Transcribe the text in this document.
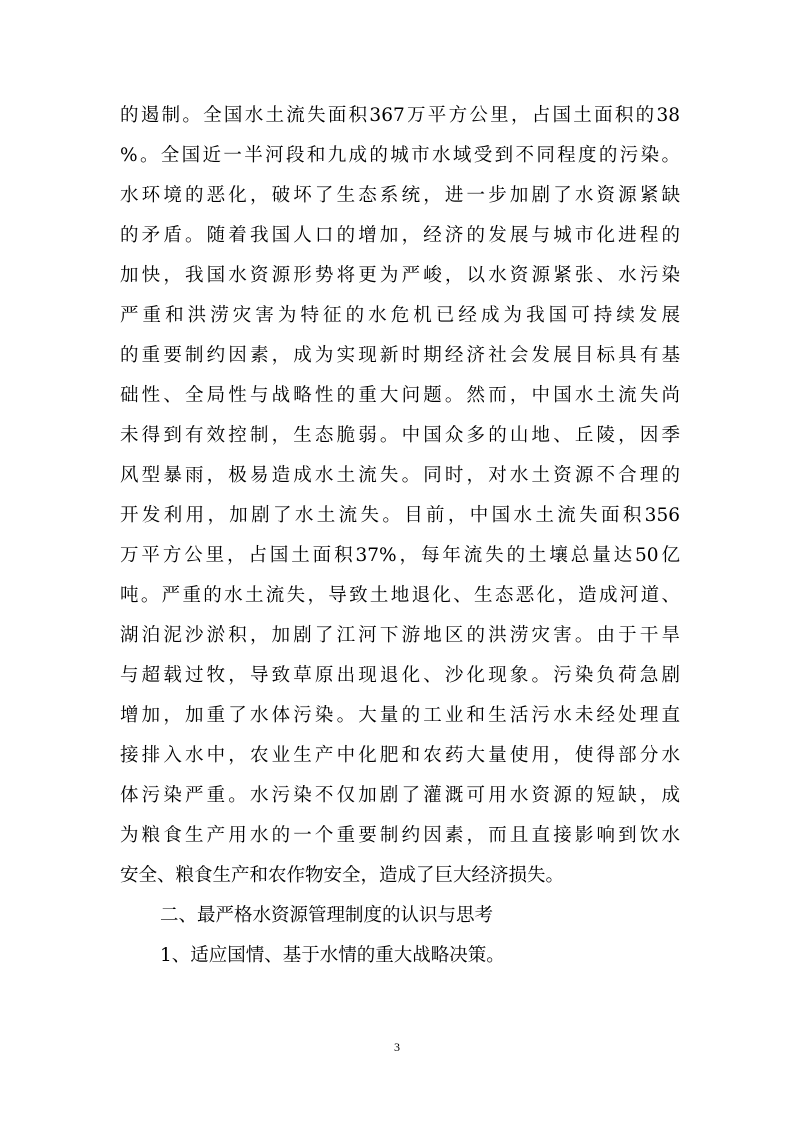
的遏制。全国水土流失面积367万平方公里，占国土面积的38
%。全国近一半河段和九成的城市水域受到不同程度的污染。
水环境的恶化，破坏了生态系统，进一步加剧了水资源紧缺
的矛盾。随着我国人口的增加，经济的发展与城市化进程的
加快，我国水资源形势将更为严峻，以水资源紧张、水污染
严重和洪涝灾害为特征的水危机已经成为我国可持续发展
的重要制约因素，成为实现新时期经济社会发展目标具有基
础性、全局性与战略性的重大问题。然而，中国水土流失尚
未得到有效控制，生态脆弱。中国众多的山地、丘陵，因季
风型暴雨，极易造成水土流失。同时，对水土资源不合理的
开发利用，加剧了水土流失。目前，中国水土流失面积356
万平方公里，占国土面积37%，每年流失的土壤总量达50亿
吨。严重的水土流失，导致土地退化、生态恶化，造成河道、
湖泊泥沙淤积，加剧了江河下游地区的洪涝灾害。由于干旱
与超载过牧，导致草原出现退化、沙化现象。污染负荷急剧
增加，加重了水体污染。大量的工业和生活污水未经处理直
接排入水中，农业生产中化肥和农药大量使用，使得部分水
体污染严重。水污染不仅加剧了灌溉可用水资源的短缺，成
为粮食生产用水的一个重要制约因素，而且直接影响到饮水
安全、粮食生产和农作物安全，造成了巨大经济损失。
二、最严格水资源管理制度的认识与思考
1、适应国情、基于水情的重大战略决策。
3
